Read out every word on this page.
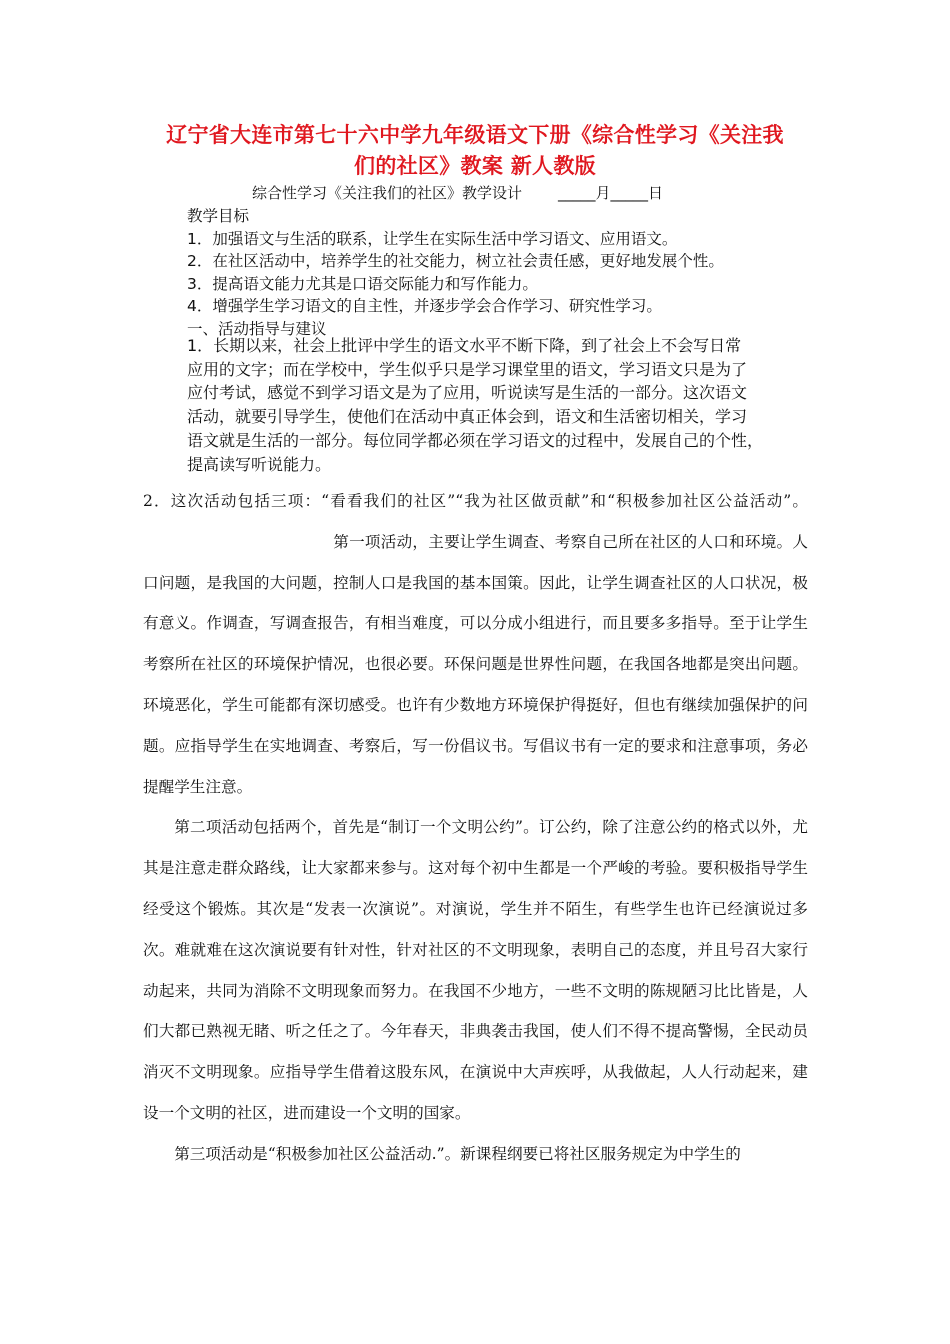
辽宁省大连市第七十六中学九年级语文下册《综合性学习《关注我
们的社区》教案 新人教版
综合性学习《关注我们的社区》教学设计 _____月_____日
教学目标
1．加强语文与生活的联系，让学生在实际生活中学习语文、应用语文。
2．在社区活动中，培养学生的社交能力，树立社会责任感，更好地发展个性。
3．提高语文能力尤其是口语交际能力和写作能力。
4．增强学生学习语文的自主性，并逐步学会合作学习、研究性学习。
一、活动指导与建议
1．长期以来，社会上批评中学生的语文水平不断下降，到了社会上不会写日常
应用的文字；而在学校中，学生似乎只是学习课堂里的语文，学习语文只是为了
应付考试，感觉不到学习语文是为了应用，听说读写是生活的一部分。这次语文
活动，就要引导学生，使他们在活动中真正体会到，语文和生活密切相关，学习
语文就是生活的一部分。每位同学都必须在学习语文的过程中，发展自己的个性，
提高读写听说能力。

2．这次活动包括三项：“看看我们的社区”“我为社区做贡献”和“积极参加社区公益活动”。第一项活动，主要让学生调查、考察自己所在社区的人口和环境。人口问题，是我国的大问题，控制人口是我国的基本国策。因此，让学生调查社区的人口状况，极有意义。作调查，写调查报告，有相当难度，可以分成小组进行，而且要多多指导。至于让学生考察所在社区的环境保护情况，也很必要。环保问题是世界性问题，在我国各地都是突出问题。环境恶化，学生可能都有深切感受。也许有少数地方环境保护得挺好，但也有继续加强保护的问题。应指导学生在实地调查、考察后，写一份倡议书。写倡议书有一定的要求和注意事项，务必提醒学生注意。

第二项活动包括两个，首先是“制订一个文明公约”。订公约，除了注意公约的格式以外，尤其是注意走群众路线，让大家都来参与。这对每个初中生都是一个严峻的考验。要积极指导学生经受这个锻炼。其次是“发表一次演说”。对演说，学生并不陌生，有些学生也许已经演说过多次。难就难在这次演说要有针对性，针对社区的不文明现象，表明自己的态度，并且号召大家行动起来，共同为消除不文明现象而努力。在我国不少地方，一些不文明的陈规陋习比比皆是，人们大都已熟视无睹、听之任之了。今年春天，非典袭击我国，使人们不得不提高警惕，全民动员消灭不文明现象。应指导学生借着这股东风，在演说中大声疾呼，从我做起，人人行动起来，建设一个文明的社区，进而建设一个文明的国家。

第三项活动是“积极参加社区公益活动.”。新课程纲要已将社区服务规定为中学生的
